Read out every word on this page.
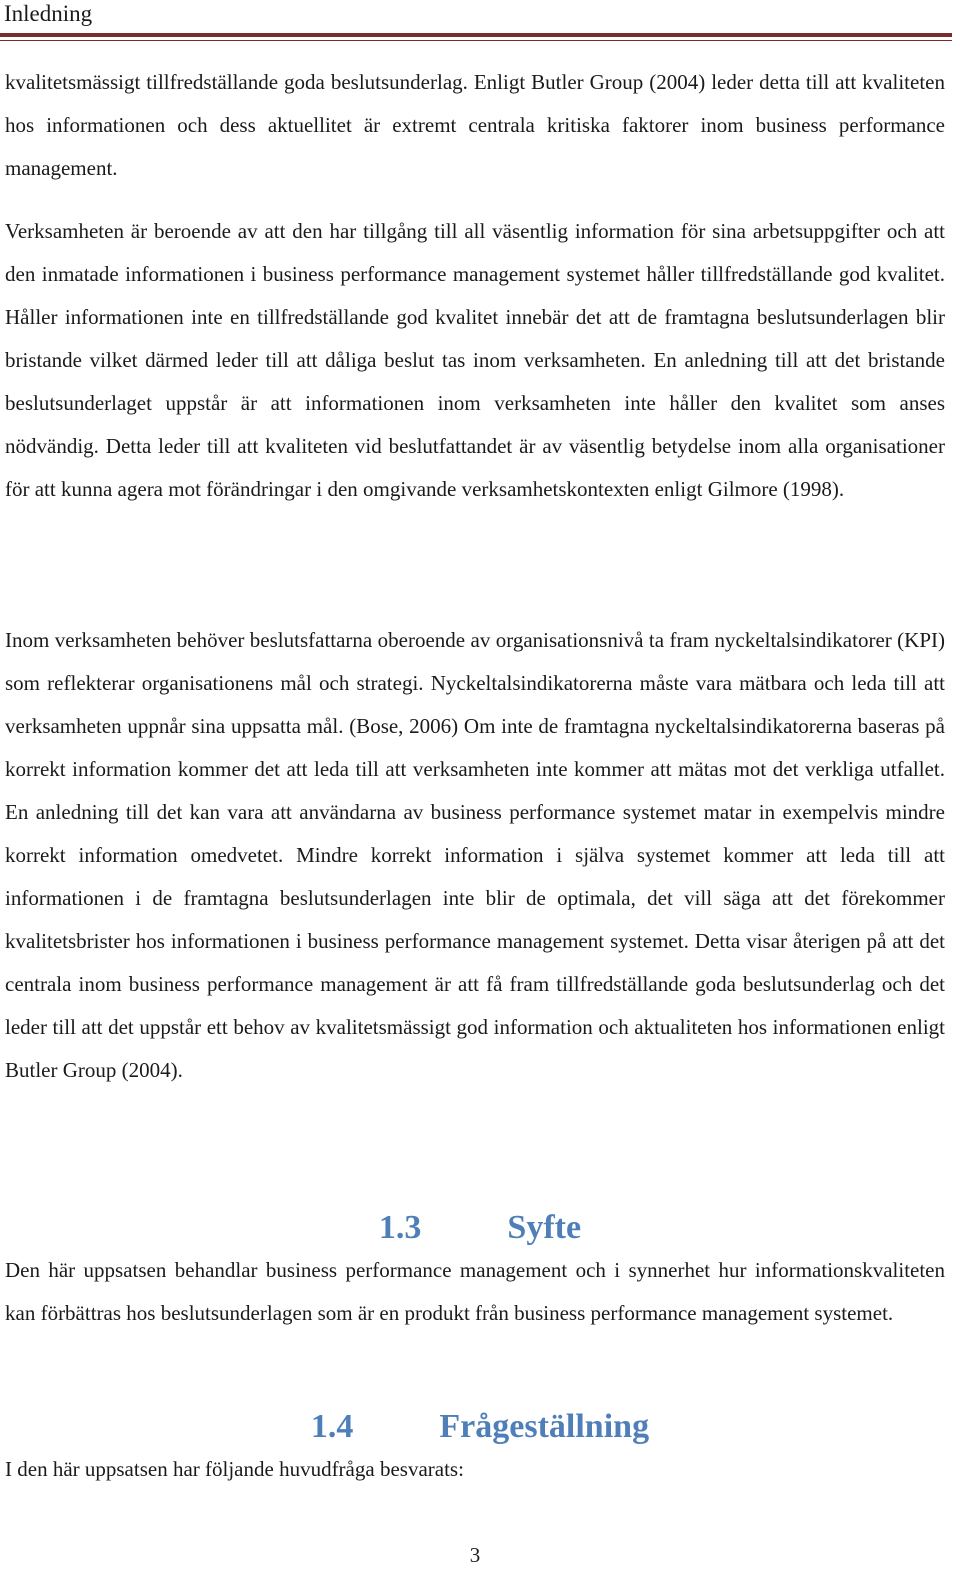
Inledning

kvalitetsmässigt tillfredställande goda beslutsunderlag. Enligt Butler Group (2004) leder detta till att kvaliteten hos informationen och dess aktuellitet är extremt centrala kritiska faktorer inom business performance management.

Verksamheten är beroende av att den har tillgång till all väsentlig information för sina arbetsuppgifter och att den inmatade informationen i business performance management systemet håller tillfredställande god kvalitet. Håller informationen inte en tillfredställande god kvalitet innebär det att de framtagna beslutsunderlagen blir bristande vilket därmed leder till att dåliga beslut tas inom verksamheten. En anledning till att det bristande beslutsunderlaget uppstår är att informationen inom verksamheten inte håller den kvalitet som anses nödvändig. Detta leder till att kvaliteten vid beslutfattandet är av väsentlig betydelse inom alla organisationer för att kunna agera mot förändringar i den omgivande verksamhetskontexten enligt Gilmore (1998).

Inom verksamheten behöver beslutsfattarna oberoende av organisationsnivå ta fram nyckeltalsindikatorer (KPI) som reflekterar organisationens mål och strategi. Nyckeltalsindikatorerna måste vara mätbara och leda till att verksamheten uppnår sina uppsatta mål. (Bose, 2006) Om inte de framtagna nyckeltalsindikatorerna baseras på korrekt information kommer det att leda till att verksamheten inte kommer att mätas mot det verkliga utfallet. En anledning till det kan vara att användarna av business performance systemet matar in exempelvis mindre korrekt information omedvetet. Mindre korrekt information i själva systemet kommer att leda till att informationen i de framtagna beslutsunderlagen inte blir de optimala, det vill säga att det förekommer kvalitetsbrister hos informationen i business performance management systemet. Detta visar återigen på att det centrala inom business performance management är att få fram tillfredställande goda beslutsunderlag och det leder till att det uppstår ett behov av kvalitetsmässigt god information och aktualiteten hos informationen enligt Butler Group (2004).

1.3	Syfte

Den här uppsatsen behandlar business performance management och i synnerhet hur informationskvaliteten kan förbättras hos beslutsunderlagen som är en produkt från business performance management systemet.

1.4	Frågeställning

I den här uppsatsen har följande huvudfråga besvarats:

3
